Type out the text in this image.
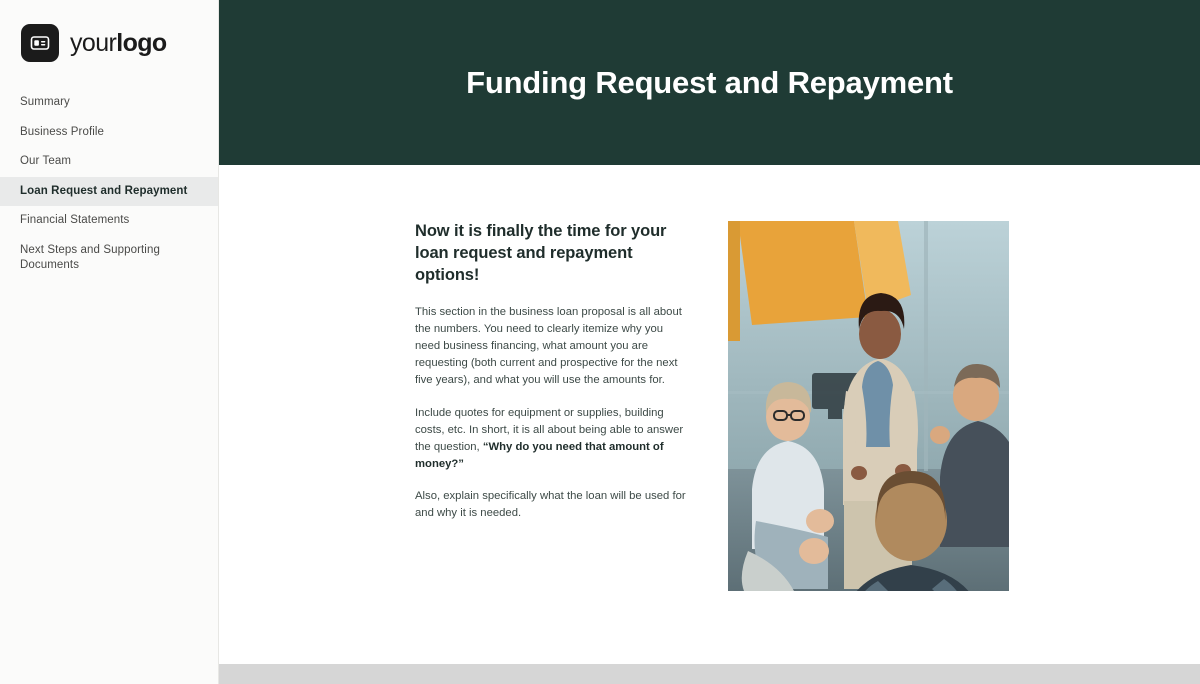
yourlogo
Summary
Business Profile
Our Team
Loan Request and Repayment
Financial Statements
Next Steps and Supporting Documents
Funding Request and Repayment
Now it is finally the time for your loan request and repayment options!

This section in the business loan proposal is all about the numbers. You need to clearly itemize why you need business financing, what amount you are requesting (both current and prospective for the next five years), and what you will use the amounts for.

Include quotes for equipment or supplies, building costs, etc. In short, it is all about being able to answer the question, “Why do you need that amount of money?”

Also, explain specifically what the loan will be used for and why it is needed.
